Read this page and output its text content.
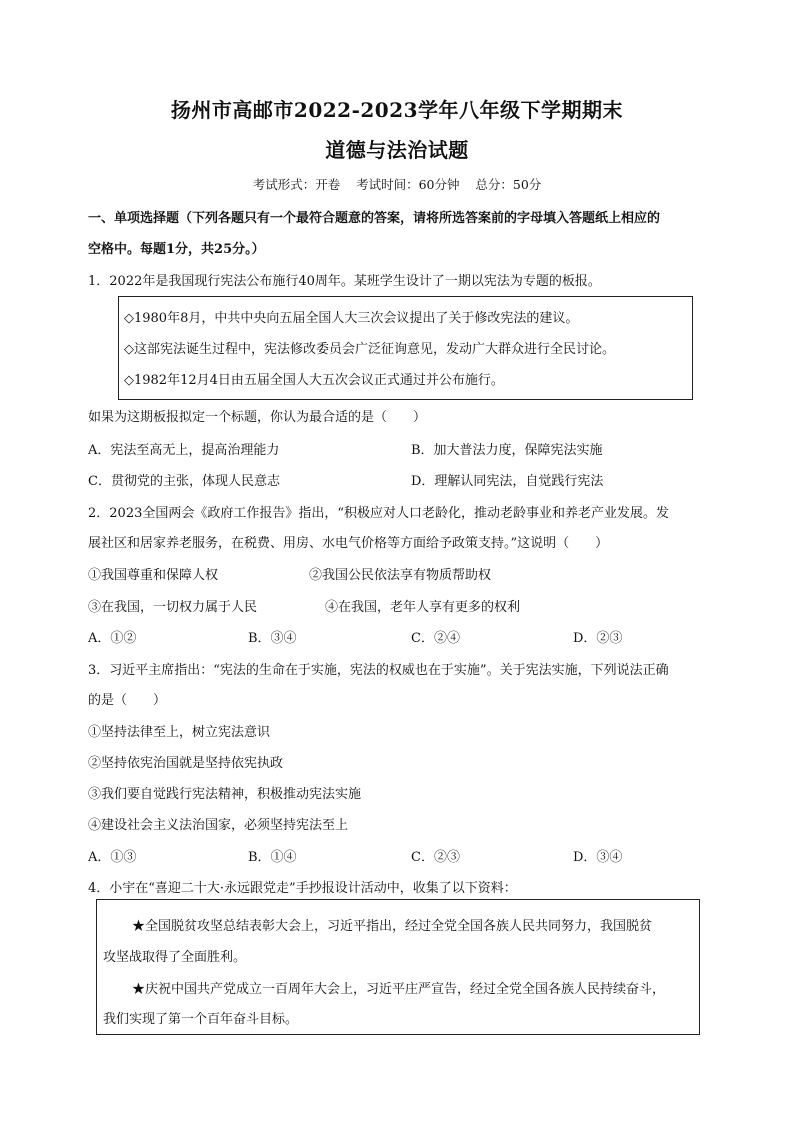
扬州市高邮市2022-2023学年八年级下学期期末
道德与法治试题
考试形式：开卷    考试时间：60分钟    总分：50分
一、单项选择题（下列各题只有一个最符合题意的答案，请将所选答案前的字母填入答题纸上相应的
空格中。每题1分，共25分。）
1．2022年是我国现行宪法公布施行40周年。某班学生设计了一期以宪法为专题的板报。
◇1980年8月，中共中央向五届全国人大三次会议提出了关于修改宪法的建议。
◇这部宪法诞生过程中，宪法修改委员会广泛征询意见，发动广大群众进行全民讨论。
◇1982年12月4日由五届全国人大五次会议正式通过并公布施行。
如果为这期板报拟定一个标题，你认为最合适的是（　　）
A．宪法至高无上，提高治理能力	B．加大普法力度，保障宪法实施
C．贯彻党的主张，体现人民意志	D．理解认同宪法，自觉践行宪法
2．2023全国两会《政府工作报告》指出，“积极应对人口老龄化，推动老龄事业和养老产业发展。发
展社区和居家养老服务，在税费、用房、水电气价格等方面给予政策支持。”这说明（　　）
①我国尊重和保障人权	②我国公民依法享有物质帮助权
③在我国，一切权力属于人民	④在我国，老年人享有更多的权利
A．①②	B．③④	C．②④	D．②③
3．习近平主席指出：“宪法的生命在于实施，宪法的权威也在于实施”。关于宪法实施，下列说法正确
的是（　　）
①坚持法律至上，树立宪法意识
②坚持依宪治国就是坚持依宪执政
③我们要自觉践行宪法精神，积极推动宪法实施
④建设社会主义法治国家，必须坚持宪法至上
A．①③	B．①④	C．②③	D．③④
4．小宇在“喜迎二十大·永远跟党走”手抄报设计活动中，收集了以下资料：
★全国脱贫攻坚总结表彰大会上，习近平指出，经过全党全国各族人民共同努力，我国脱贫
攻坚战取得了全面胜利。
★庆祝中国共产党成立一百周年大会上，习近平庄严宣告，经过全党全国各族人民持续奋斗，
我们实现了第一个百年奋斗目标。
